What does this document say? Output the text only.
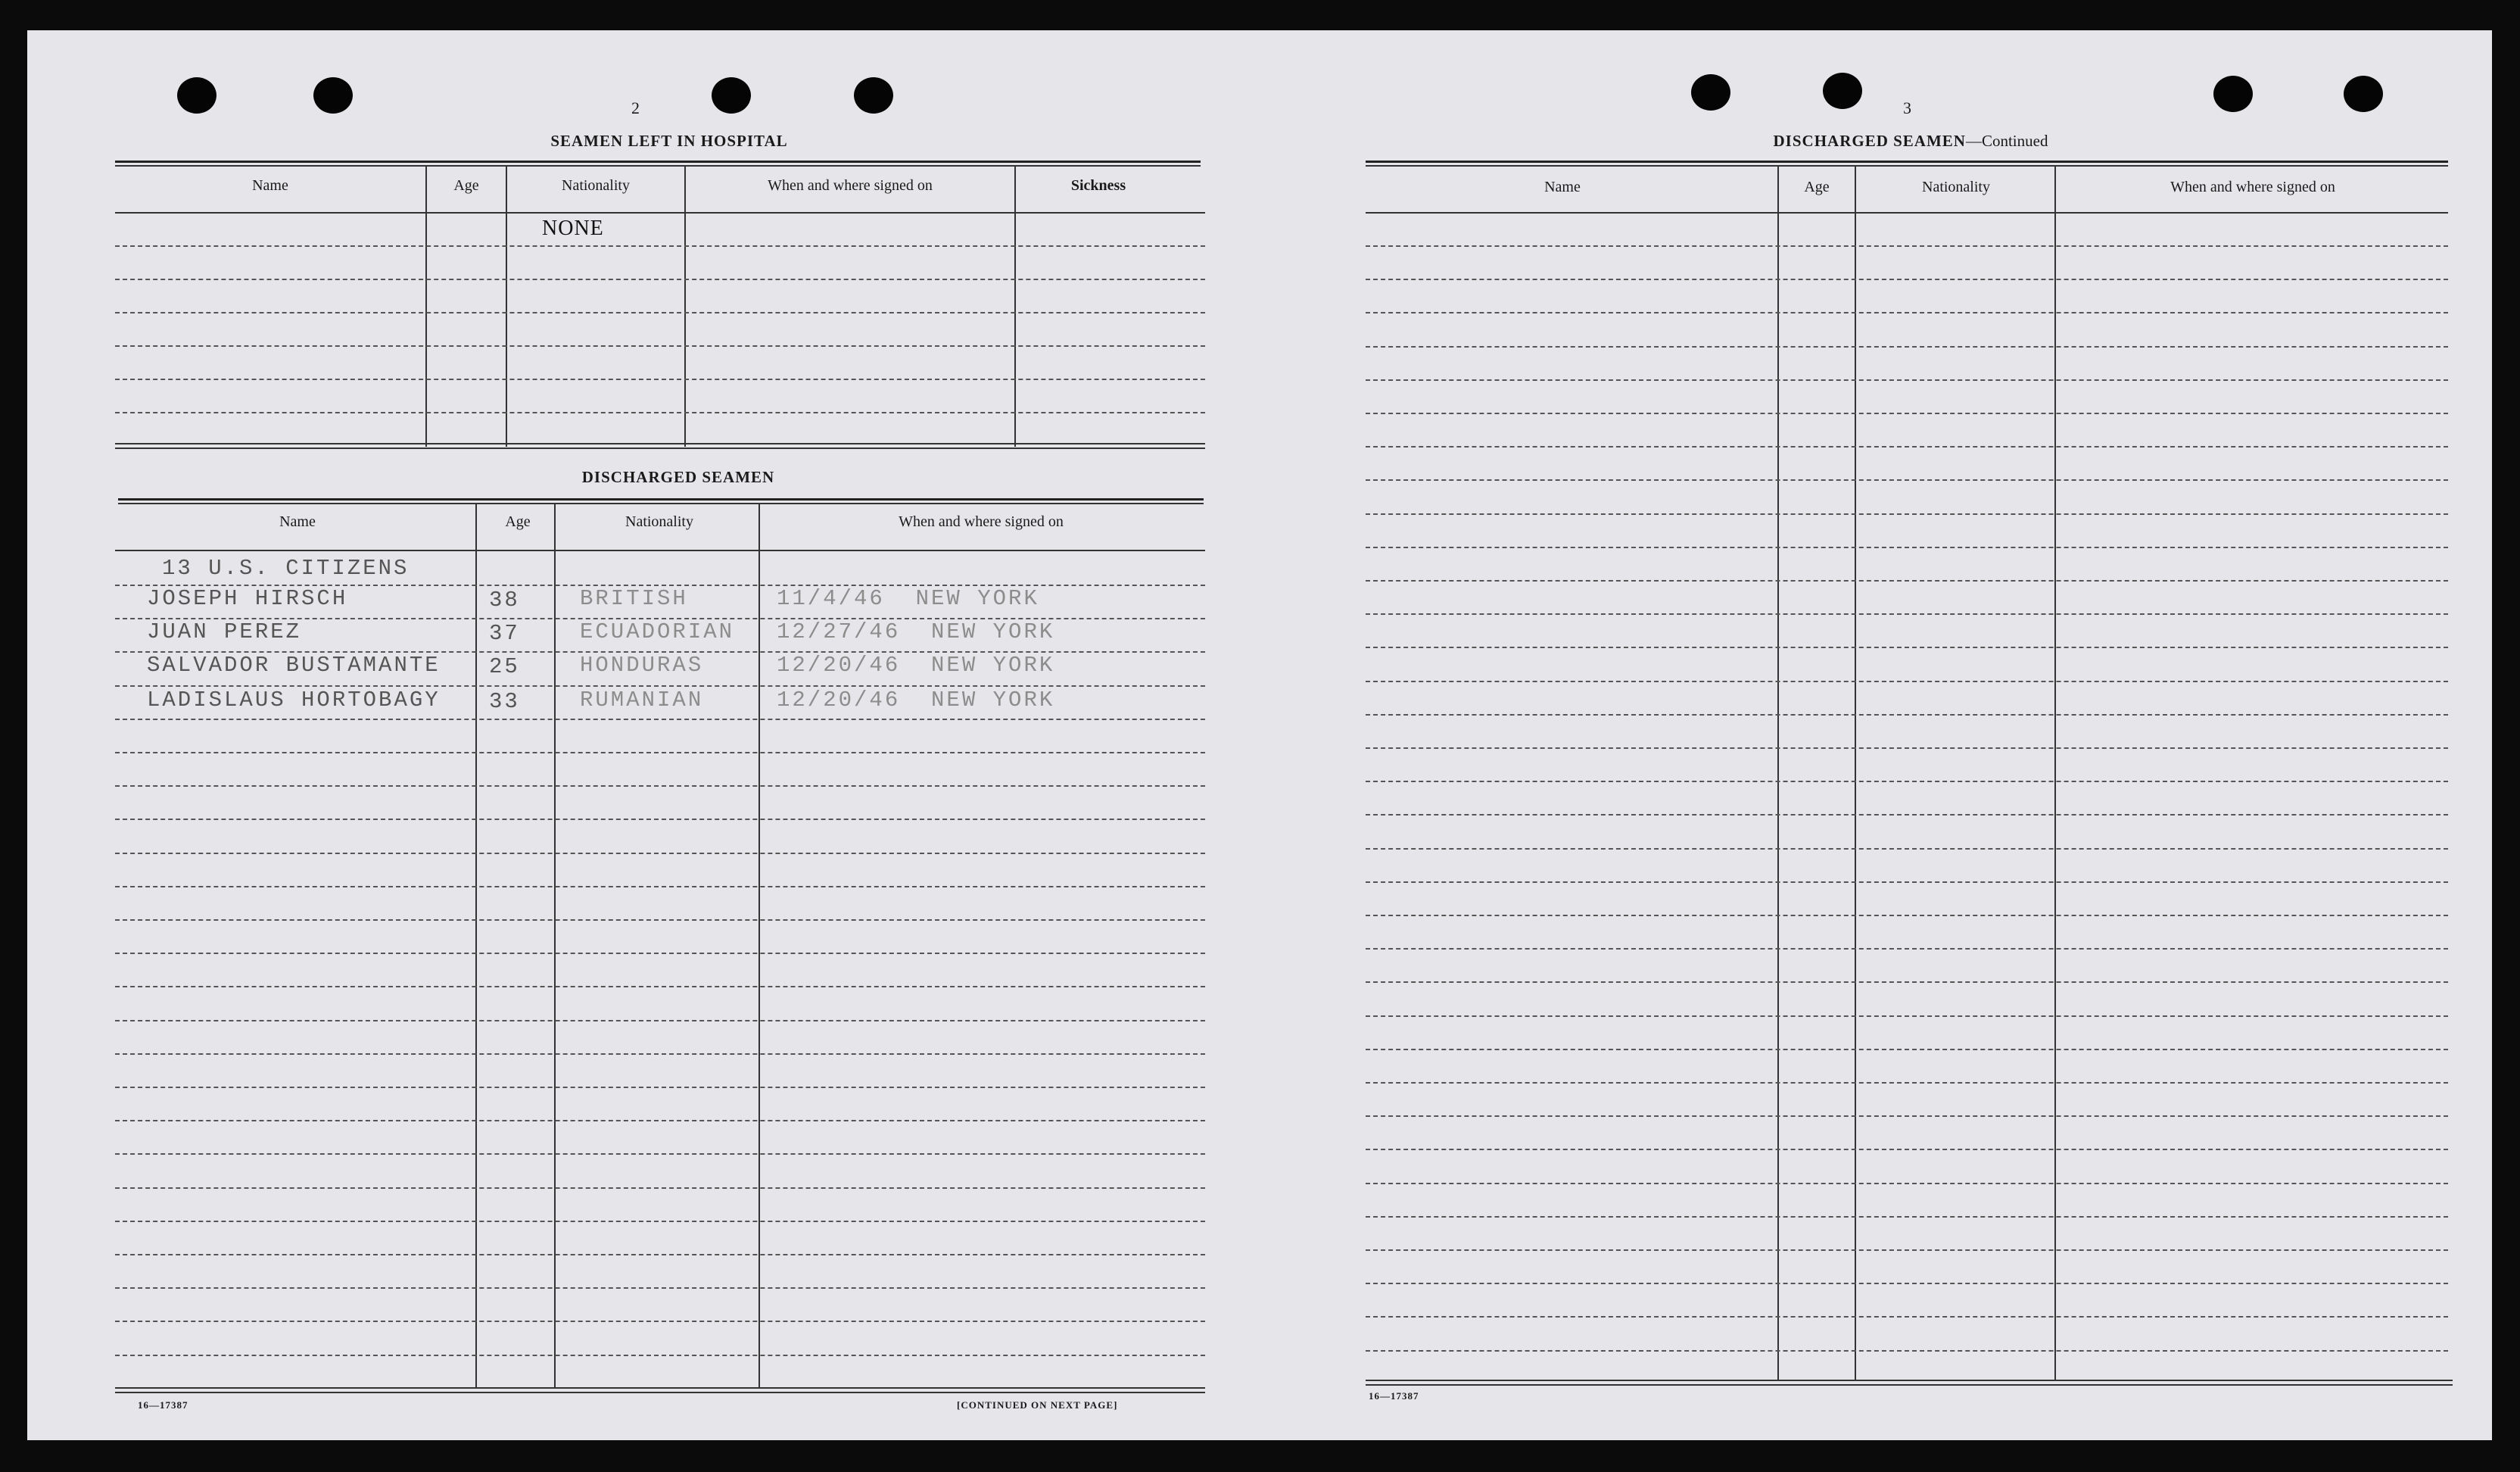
2
SEAMEN LEFT IN HOSPITAL
Name	Age	Nationality	When and where signed on	Sickness
NONE
DISCHARGED SEAMEN
Name	Age	Nationality	When and where signed on
13 U.S. CITIZENS
JOSEPH HIRSCH	38	BRITISH	11/4/46  NEW YORK
JUAN PEREZ	37	ECUADORIAN 12/27/46  NEW YORK
SALVADOR BUSTAMANTE 25	HONDURAS	12/20/46  NEW YORK
LADISLAUS HORTOBAGY 33	RUMANIAN	12/20/46  NEW YORK
16—17387	[CONTINUED ON NEXT PAGE]
3
DISCHARGED SEAMEN—Continued
Name	Age	Nationality	When and where signed on
16—17387
